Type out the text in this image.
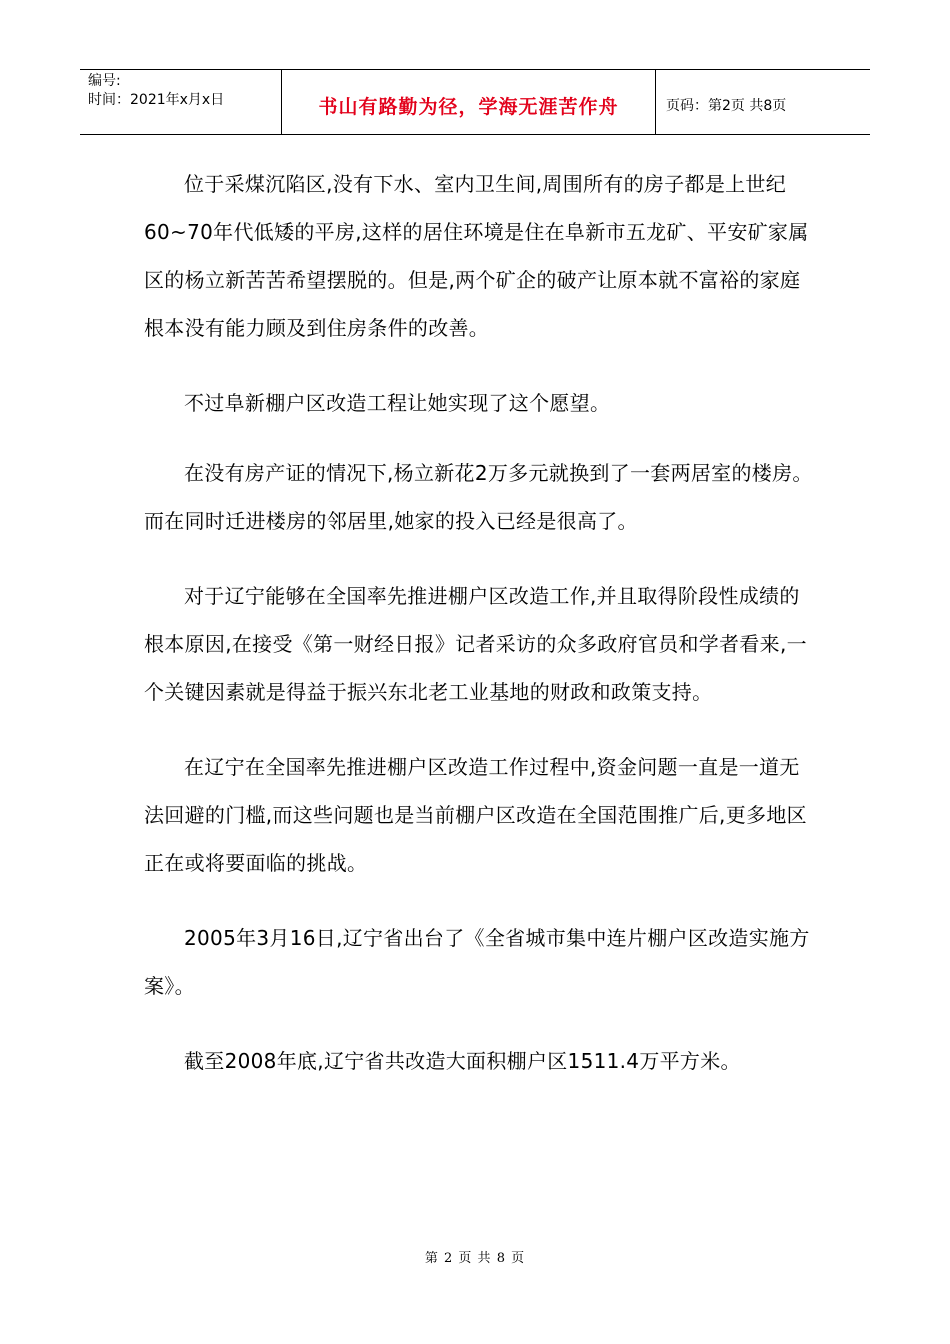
编号:
时间：2021年x月x日	书山有路勤为径，学海无涯苦作舟	页码：第2页 共8页

位于采煤沉陷区,没有下水、室内卫生间,周围所有的房子都是上世纪60~70年代低矮的平房,这样的居住环境是住在阜新市五龙矿、平安矿家属区的杨立新苦苦希望摆脱的。但是,两个矿企的破产让原本就不富裕的家庭根本没有能力顾及到住房条件的改善。

不过阜新棚户区改造工程让她实现了这个愿望。

在没有房产证的情况下,杨立新花2万多元就换到了一套两居室的楼房。而在同时迁进楼房的邻居里,她家的投入已经是很高了。

对于辽宁能够在全国率先推进棚户区改造工作,并且取得阶段性成绩的根本原因,在接受《第一财经日报》记者采访的众多政府官员和学者看来,一个关键因素就是得益于振兴东北老工业基地的财政和政策支持。

在辽宁在全国率先推进棚户区改造工作过程中,资金问题一直是一道无法回避的门槛,而这些问题也是当前棚户区改造在全国范围推广后,更多地区正在或将要面临的挑战。

2005年3月16日,辽宁省出台了《全省城市集中连片棚户区改造实施方案》。

截至2008年底,辽宁省共改造大面积棚户区1511.4万平方米。

第 2 页 共 8 页
